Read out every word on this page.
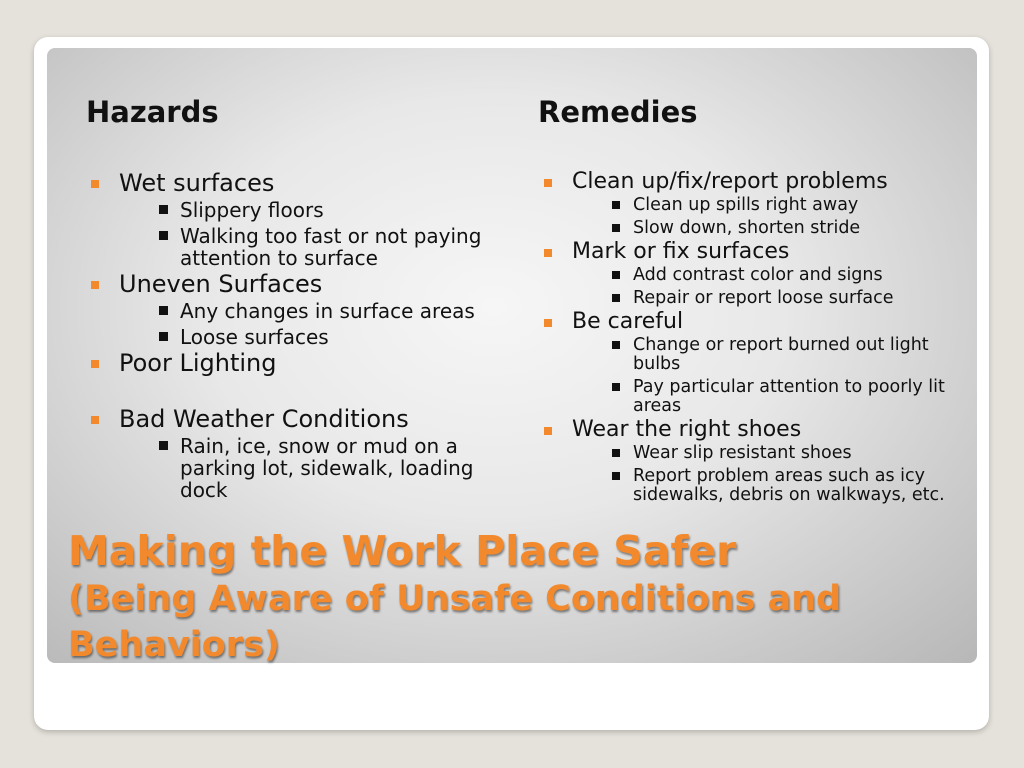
Hazards	Remedies
Wet surfaces
Slippery floors
Walking too fast or not paying attention to surface
Uneven Surfaces
Any changes in surface areas
Loose surfaces
Poor Lighting
Bad Weather Conditions
Rain, ice, snow or mud on a parking lot, sidewalk, loading dock
Clean up/fix/report problems
Clean up spills right away
Slow down, shorten stride
Mark or fix surfaces
Add contrast color and signs
Repair or report loose surface
Be careful
Change or report burned out light bulbs
Pay particular attention to poorly lit areas
Wear the right shoes
Wear slip resistant shoes
Report problem areas such as icy sidewalks, debris on walkways, etc.
Making the Work Place Safer
(Being Aware of Unsafe Conditions and Behaviors)
